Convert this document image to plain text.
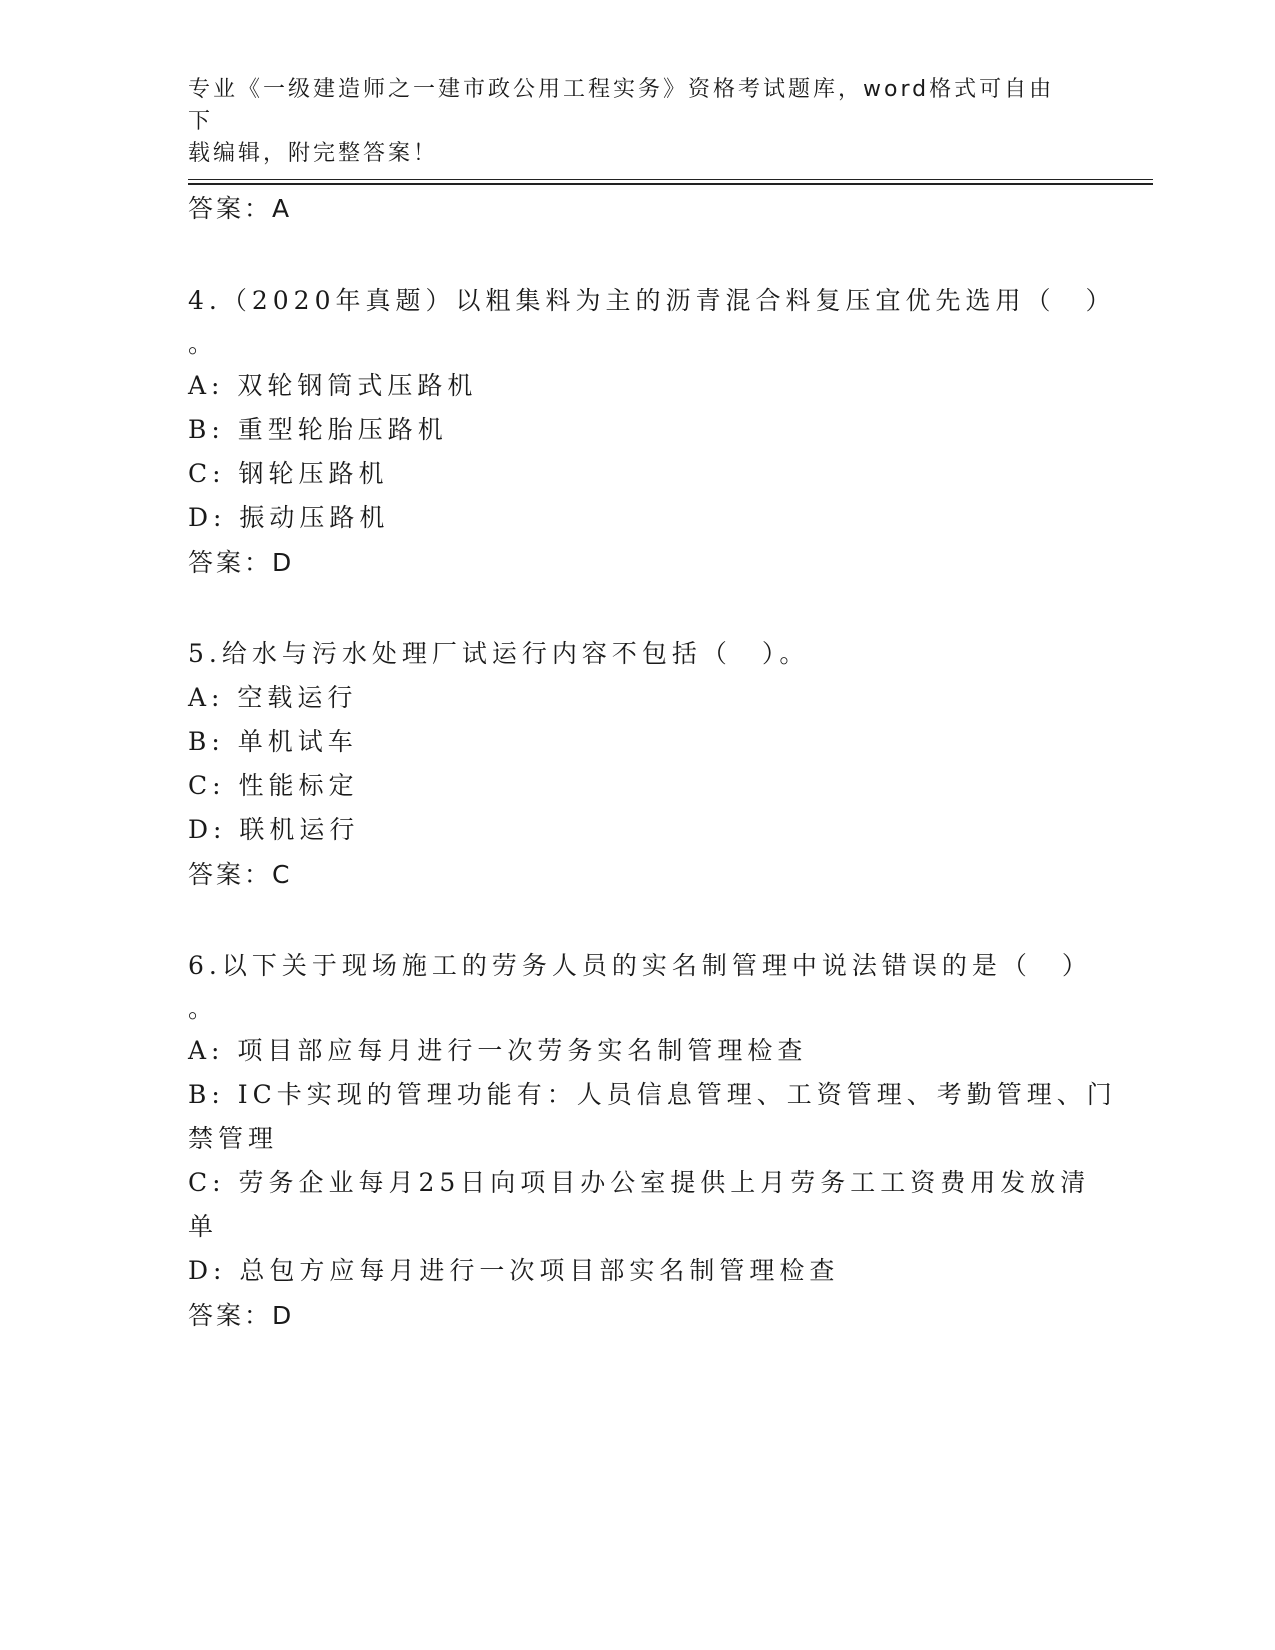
专业《一级建造师之一建市政公用工程实务》资格考试题库，word格式可自由下
载编辑，附完整答案！
答案：A
4.（2020年真题）以粗集料为主的沥青混合料复压宜优先选用（　）
。
A: 双轮钢筒式压路机
B: 重型轮胎压路机
C: 钢轮压路机
D: 振动压路机
答案：D
5.给水与污水处理厂试运行内容不包括（　）。
A: 空载运行
B: 单机试车
C: 性能标定
D: 联机运行
答案：C
6.以下关于现场施工的劳务人员的实名制管理中说法错误的是（　）
。
A: 项目部应每月进行一次劳务实名制管理检查
B: IC卡实现的管理功能有：人员信息管理、工资管理、考勤管理、门
禁管理
C: 劳务企业每月25日向项目办公室提供上月劳务工工资费用发放清
单
D: 总包方应每月进行一次项目部实名制管理检查
答案：D
